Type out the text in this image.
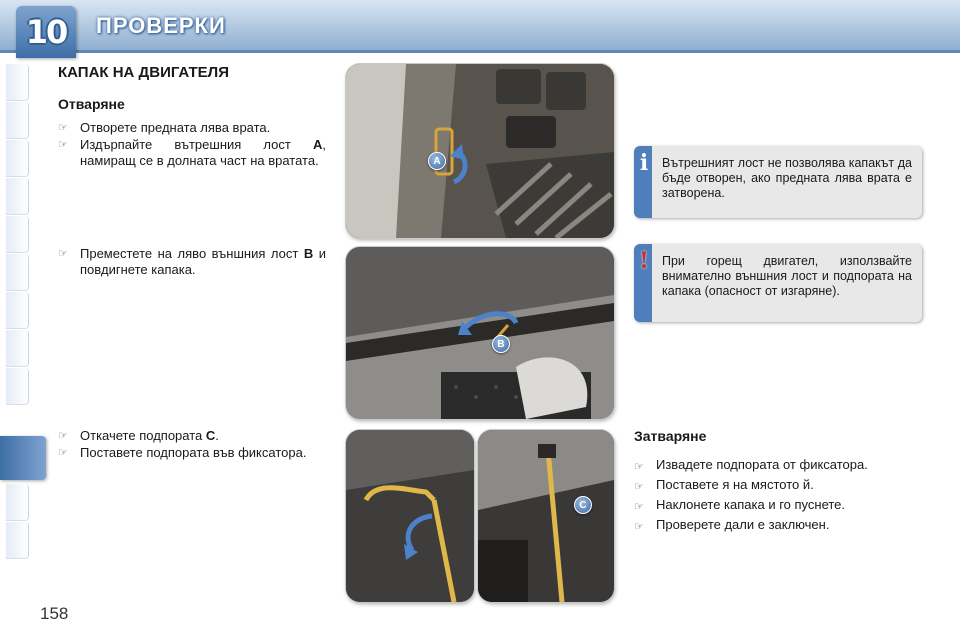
10 ПРОВЕРКИ
158
КАПАК НА ДВИГАТЕЛЯ
Отваряне
☞ Отворете предната лява врата.
☞ Издърпайте вътрешния лост A, намиращ се в долната част на вратата.
☞ Преместете на ляво външния лост B и повдигнете капака.
☞ Откачете подпората C.
☞ Поставете подпората във фиксатора.
A
B
C
i	Вътрешният лост не позволява капакът да бъде отворен, ако предната лява врата е затворена.

!	При горещ двигател, използвайте внимателно външния лост и подпората на капака (опасност от изгаряне).

Затваряне
☞ Извадете подпората от фиксатора.
☞ Поставете я на мястото й.
☞ Наклонете капака и го пуснете.
☞ Проверете дали е заключен.
